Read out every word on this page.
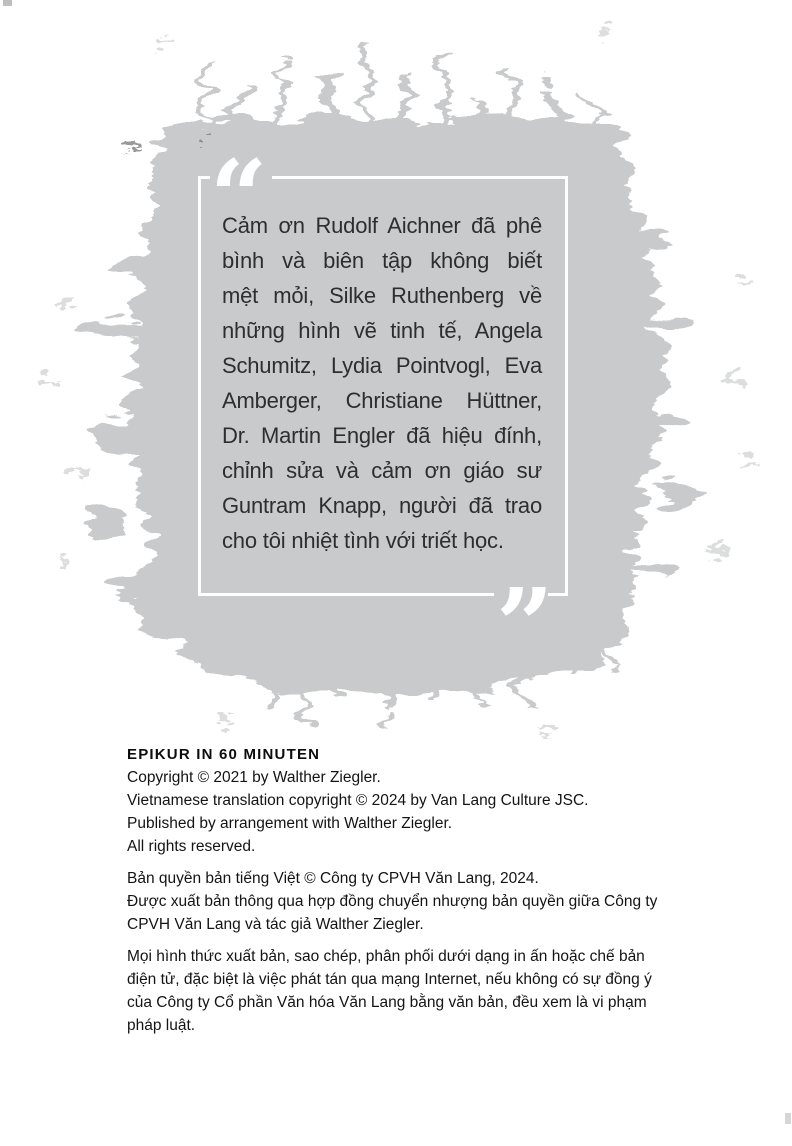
“
”
Cảm ơn Rudolf Aichner đã phê
bình và biên tập không biết
mệt mỏi, Silke Ruthenberg về
những hình vẽ tinh tế, Angela
Schumitz, Lydia Pointvogl, Eva
Amberger, Christiane Hüttner,
Dr. Martin Engler đã hiệu đính,
chỉnh sửa và cảm ơn giáo sư
Guntram Knapp, người đã trao
cho tôi nhiệt tình với triết học.
EPIKUR IN 60 MINUTEN
Copyright © 2021 by Walther Ziegler.
Vietnamese translation copyright © 2024 by Van Lang Culture JSC.
Published by arrangement with Walther Ziegler.
All rights reserved.
Bản quyền bản tiếng Việt © Công ty CPVH Văn Lang, 2024.
Được xuất bản thông qua hợp đồng chuyển nhượng bản quyền giữa Công ty
CPVH Văn Lang và tác giả Walther Ziegler.
Mọi hình thức xuất bản, sao chép, phân phối dưới dạng in ấn hoặc chế bản
điện tử, đặc biệt là việc phát tán qua mạng Internet, nếu không có sự đồng ý
của Công ty Cổ phần Văn hóa Văn Lang bằng văn bản, đều xem là vi phạm
pháp luật.
